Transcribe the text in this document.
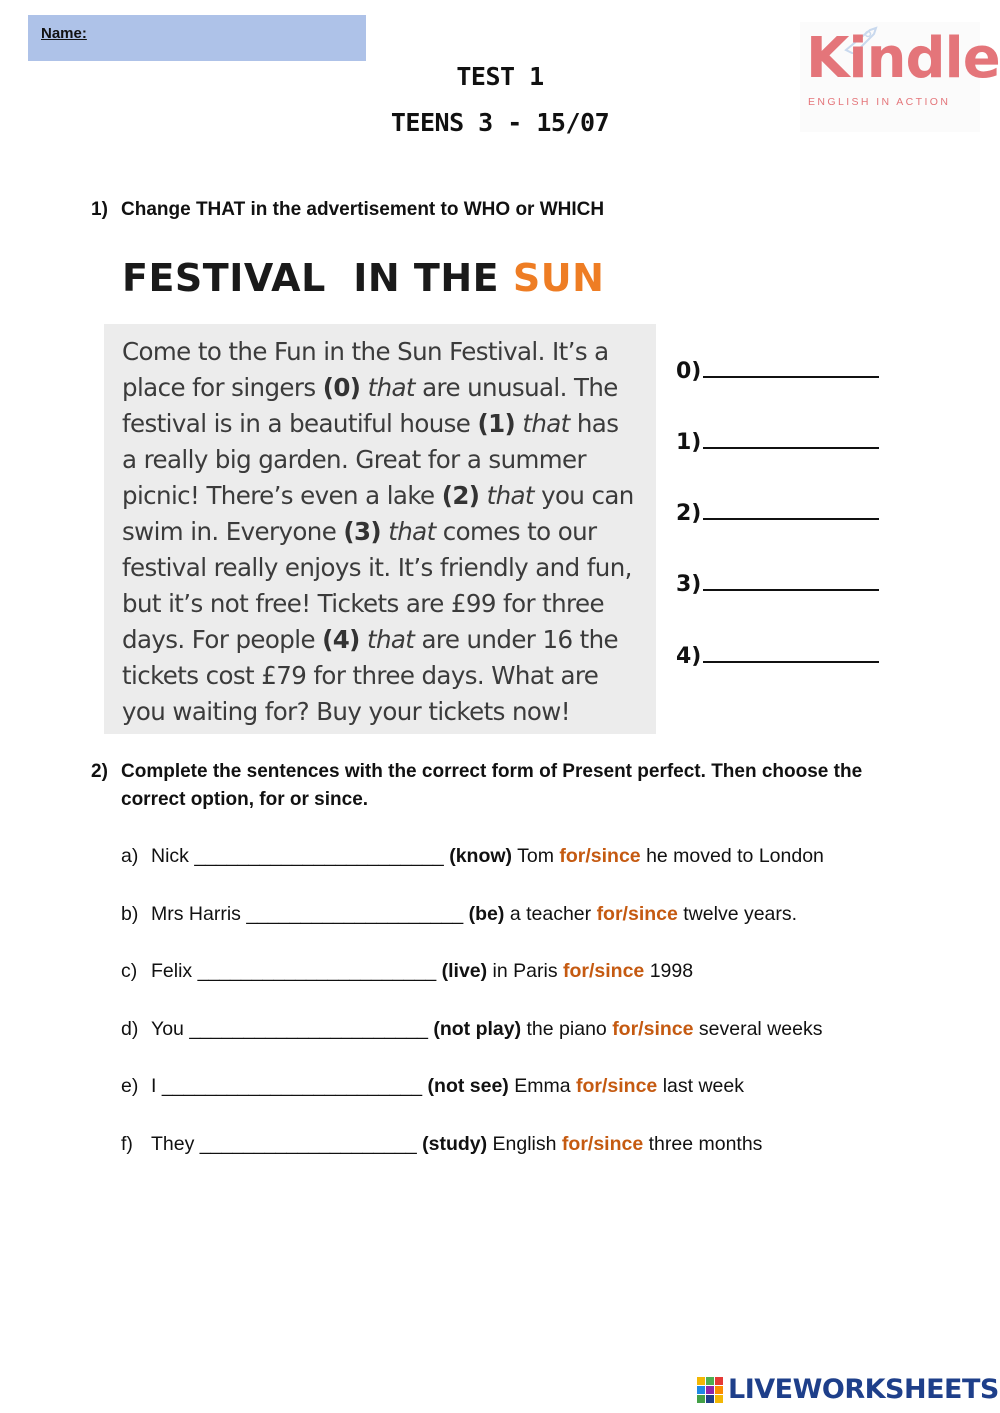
Name:
TEST 1
TEENS 3 - 15/07
Kindle
ENGLISH IN ACTION
1) Change THAT in the advertisement to WHO or WHICH
FESTIVAL  IN THE SUN
Come to the Fun in the Sun Festival. It’s a
place for singers (0) that are unusual. The
festival is in a beautiful house (1) that has
a really big garden. Great for a summer
picnic! There’s even a lake (2) that you can
swim in. Everyone (3) that comes to our
festival really enjoys it. It’s friendly and fun,
but it’s not free! Tickets are £99 for three
days. For people (4) that are under 16 the
tickets cost £79 for three days. What are
you waiting for? Buy your tickets now!
0)
1)
2)
3)
4)
2) Complete the sentences with the correct form of Present perfect. Then choose the
correct option, for or since.
a) Nick _______________________ (know) Tom for/since he moved to London
b) Mrs Harris ____________________ (be) a teacher for/since twelve years.
c) Felix ______________________ (live) in Paris for/since 1998
d) You ______________________ (not play) the piano for/since several weeks
e) I ________________________ (not see) Emma for/since last week
f) They ____________________ (study) English for/since three months
LIVEWORKSHEETS
